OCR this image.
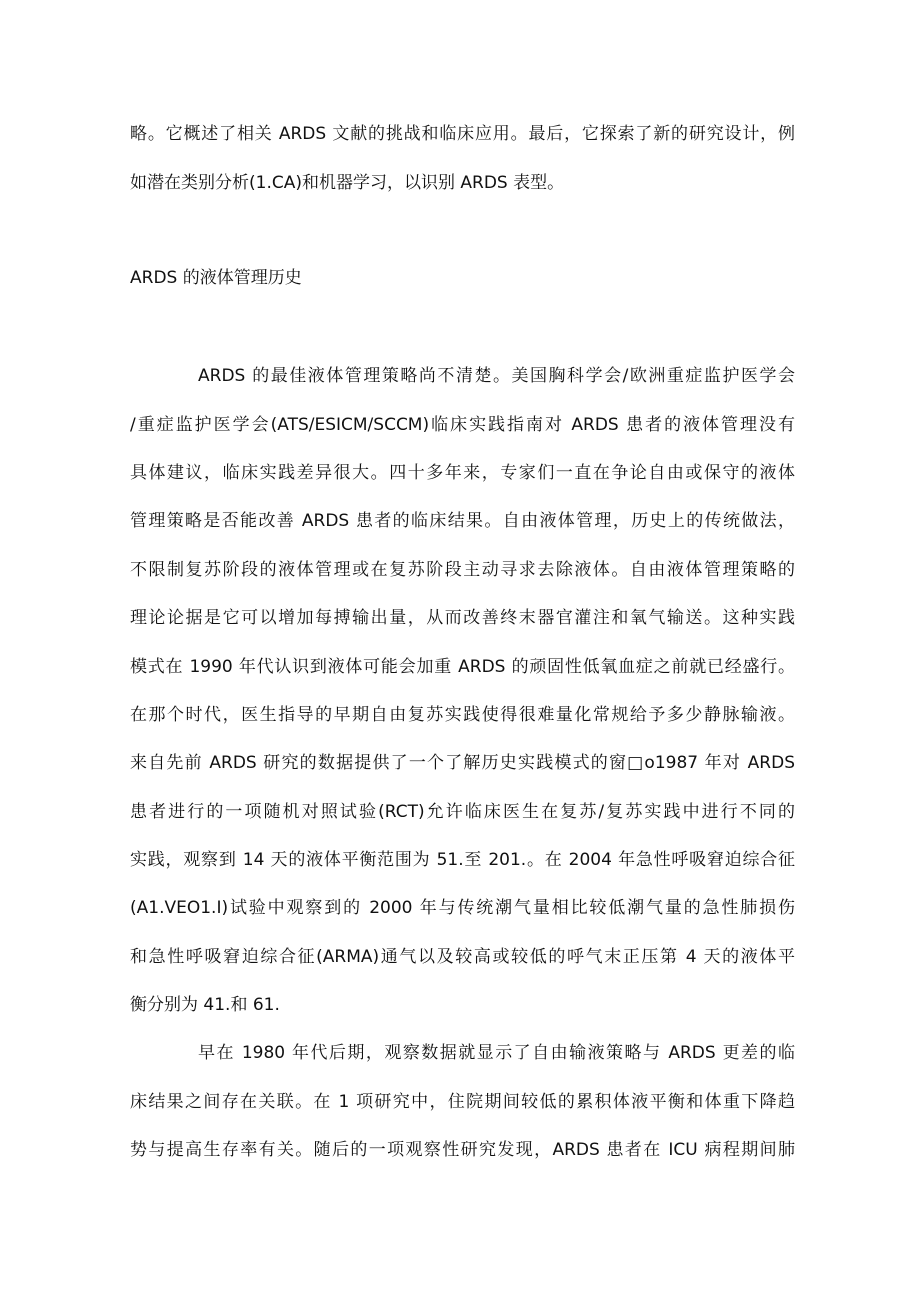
略。它概述了相关 ARDS 文献的挑战和临床应用。最后，它探索了新的研究设计，例
如潜在类别分析(1.CA)和机器学习，以识别 ARDS 表型。
ARDS 的液体管理历史
ARDS 的最佳液体管理策略尚不清楚。美国胸科学会/欧洲重症监护医学会
/重症监护医学会(ATS/ESICM/SCCM)临床实践指南对 ARDS 患者的液体管理没有
具体建议，临床实践差异很大。四十多年来，专家们一直在争论自由或保守的液体
管理策略是否能改善 ARDS 患者的临床结果。自由液体管理，历史上的传统做法，
不限制复苏阶段的液体管理或在复苏阶段主动寻求去除液体。自由液体管理策略的
理论论据是它可以增加每搏输出量，从而改善终末器官灌注和氧气输送。这种实践
模式在 1990 年代认识到液体可能会加重 ARDS 的顽固性低氧血症之前就已经盛行。
在那个时代，医生指导的早期自由复苏实践使得很难量化常规给予多少静脉输液。
来自先前 ARDS 研究的数据提供了一个了解历史实践模式的窗□o1987 年对 ARDS
患者进行的一项随机对照试验(RCT)允许临床医生在复苏/复苏实践中进行不同的
实践，观察到 14 天的液体平衡范围为 51.至 201.。在 2004 年急性呼吸窘迫综合征
(A1.VEO1.I)试验中观察到的 2000 年与传统潮气量相比较低潮气量的急性肺损伤
和急性呼吸窘迫综合征(ARMA)通气以及较高或较低的呼气末正压第 4 天的液体平
衡分别为 41.和 61.
早在 1980 年代后期，观察数据就显示了自由输液策略与 ARDS 更差的临
床结果之间存在关联。在 1 项研究中，住院期间较低的累积体液平衡和体重下降趋
势与提高生存率有关。随后的一项观察性研究发现，ARDS 患者在 ICU 病程期间肺
